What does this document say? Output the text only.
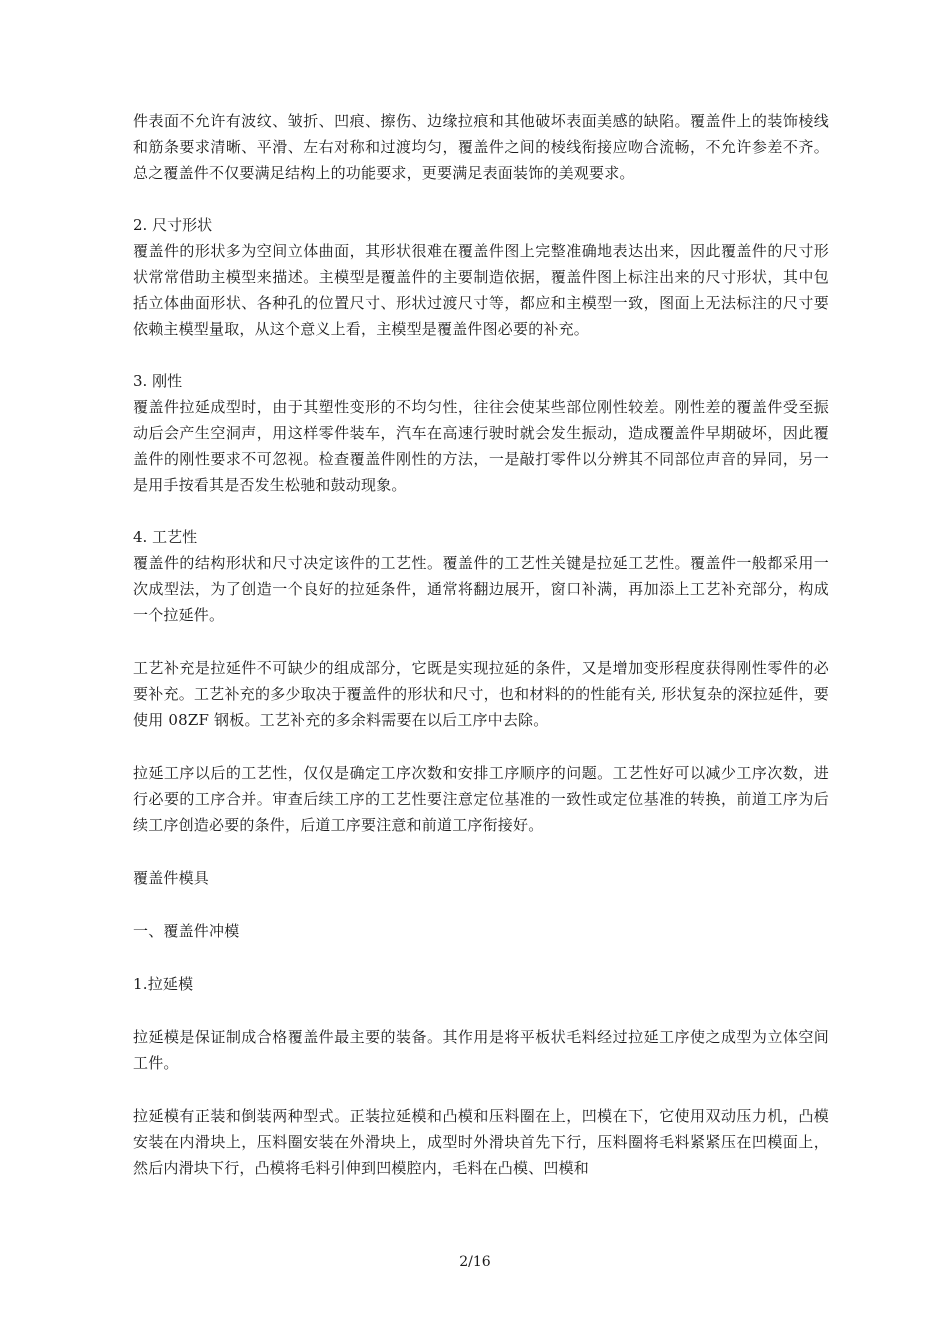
件表面不允许有波纹、皱折、凹痕、擦伤、边缘拉痕和其他破坏表面美感的缺陷。覆盖件上的装饰棱线和筋条要求清晰、平滑、左右对称和过渡均匀，覆盖件之间的棱线衔接应吻合流畅，不允许参差不齐。总之覆盖件不仅要满足结构上的功能要求，更要满足表面装饰的美观要求。

2. 尺寸形状

覆盖件的形状多为空间立体曲面，其形状很难在覆盖件图上完整准确地表达出来，因此覆盖件的尺寸形状常常借助主模型来描述。主模型是覆盖件的主要制造依据，覆盖件图上标注出来的尺寸形状，其中包括立体曲面形状、各种孔的位置尺寸、形状过渡尺寸等，都应和主模型一致，图面上无法标注的尺寸要依赖主模型量取，从这个意义上看，主模型是覆盖件图必要的补充。

3. 刚性

覆盖件拉延成型时，由于其塑性变形的不均匀性，往往会使某些部位刚性较差。刚性差的覆盖件受至振动后会产生空洞声，用这样零件装车，汽车在高速行驶时就会发生振动，造成覆盖件早期破坏，因此覆盖件的刚性要求不可忽视。检查覆盖件刚性的方法，一是敲打零件以分辨其不同部位声音的异同，另一是用手按看其是否发生松驰和鼓动现象。

4. 工艺性

覆盖件的结构形状和尺寸决定该件的工艺性。覆盖件的工艺性关键是拉延工艺性。覆盖件一般都采用一次成型法，为了创造一个良好的拉延条件，通常将翻边展开，窗口补满，再加添上工艺补充部分，构成一个拉延件。

工艺补充是拉延件不可缺少的组成部分，它既是实现拉延的条件，又是增加变形程度获得刚性零件的必要补充。工艺补充的多少取决于覆盖件的形状和尺寸，也和材料的的性能有关, 形状复杂的深拉延件，要使用 08ZF 钢板。工艺补充的多余料需要在以后工序中去除。

拉延工序以后的工艺性，仅仅是确定工序次数和安排工序顺序的问题。工艺性好可以减少工序次数，进行必要的工序合并。审查后续工序的工艺性要注意定位基准的一致性或定位基准的转换，前道工序为后续工序创造必要的条件，后道工序要注意和前道工序衔接好。

覆盖件模具

一、覆盖件冲模

1.拉延模

拉延模是保证制成合格覆盖件最主要的装备。其作用是将平板状毛料经过拉延工序使之成型为立体空间工件。

拉延模有正装和倒装两种型式。正装拉延模和凸模和压料圈在上，凹模在下，它使用双动压力机，凸模安装在内滑块上，压料圈安装在外滑块上，成型时外滑块首先下行，压料圈将毛料紧紧压在凹模面上，然后内滑块下行，凸模将毛料引伸到凹模腔内，毛料在凸模、凹模和

2/16
